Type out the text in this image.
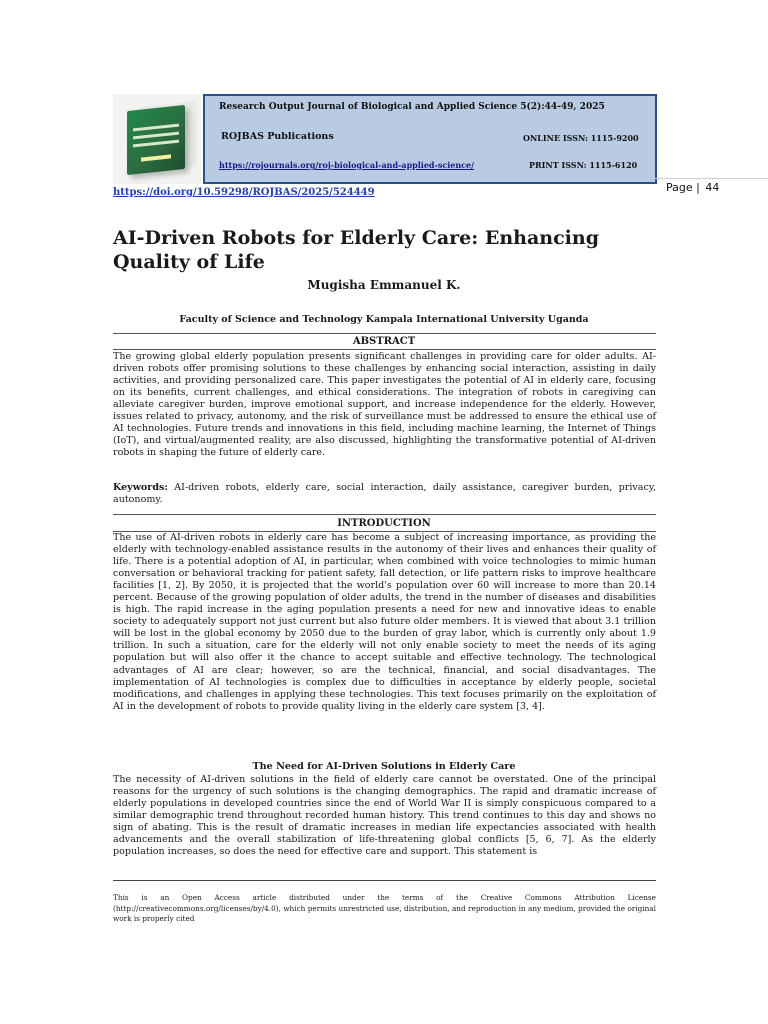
Research Output Journal of Biological and Applied Science 5(2):44-49, 2025
ROJBAS Publications	ONLINE ISSN: 1115-9200
https://rojournals.org/roj-biological-and-applied-science/	PRINT ISSN: 1115-6120
https://doi.org/10.59298/ROJBAS/2025/524449	Page | 44
AI-Driven Robots for Elderly Care: Enhancing Quality of Life
Mugisha Emmanuel K.
Faculty of Science and Technology Kampala International University Uganda
ABSTRACT

The growing global elderly population presents significant challenges in providing care for older adults. AI-driven robots offer promising solutions to these challenges by enhancing social interaction, assisting in daily activities, and providing personalized care. This paper investigates the potential of AI in elderly care, focusing on its benefits, current challenges, and ethical considerations. The integration of robots in caregiving can alleviate caregiver burden, improve emotional support, and increase independence for the elderly. However, issues related to privacy, autonomy, and the risk of surveillance must be addressed to ensure the ethical use of AI technologies. Future trends and innovations in this field, including machine learning, the Internet of Things (IoT), and virtual/augmented reality, are also discussed, highlighting the transformative potential of AI-driven robots in shaping the future of elderly care.

Keywords: AI-driven robots, elderly care, social interaction, daily assistance, caregiver burden, privacy, autonomy.

INTRODUCTION

The use of AI-driven robots in elderly care has become a subject of increasing importance, as providing the elderly with technology-enabled assistance results in the autonomy of their lives and enhances their quality of life. There is a potential adoption of AI, in particular, when combined with voice technologies to mimic human conversation or behavioral tracking for patient safety, fall detection, or life pattern risks to improve healthcare facilities [1, 2]. By 2050, it is projected that the world's population over 60 will increase to more than 20.14 percent. Because of the growing population of older adults, the trend in the number of diseases and disabilities is high. The rapid increase in the aging population presents a need for new and innovative ideas to enable society to adequately support not just current but also future older members. It is viewed that about 3.1 trillion will be lost in the global economy by 2050 due to the burden of gray labor, which is currently only about 1.9 trillion. In such a situation, care for the elderly will not only enable society to meet the needs of its aging population but will also offer it the chance to accept suitable and effective technology. The technological advantages of AI are clear; however, so are the technical, financial, and social disadvantages. The implementation of AI technologies is complex due to difficulties in acceptance by elderly people, societal modifications, and challenges in applying these technologies. This text focuses primarily on the exploitation of AI in the development of robots to provide quality living in the elderly care system [3, 4].

The Need for AI-Driven Solutions in Elderly Care

The necessity of AI-driven solutions in the field of elderly care cannot be overstated. One of the principal reasons for the urgency of such solutions is the changing demographics. The rapid and dramatic increase of elderly populations in developed countries since the end of World War II is simply conspicuous compared to a similar demographic trend throughout recorded human history. This trend continues to this day and shows no sign of abating. This is the result of dramatic increases in median life expectancies associated with health advancements and the overall stabilization of life-threatening global conflicts [5, 6, 7]. As the elderly population increases, so does the need for effective care and support. This statement is

This is an Open Access article distributed under the terms of the Creative Commons Attribution License (http://creativecommons.org/licenses/by/4.0), which permits unrestricted use, distribution, and reproduction in any medium, provided the original work is properly cited
